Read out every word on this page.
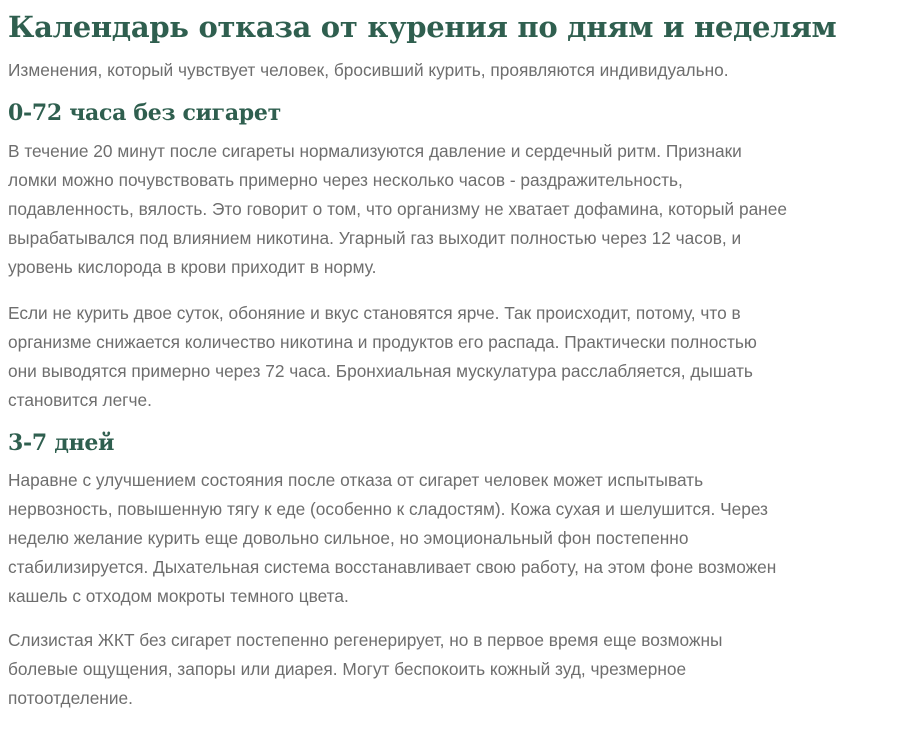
Календарь отказа от курения по дням и неделям
Изменения, который чувствует человек, бросивший курить, проявляются индивидуально.
0-72 часа без сигарет
В течение 20 минут после сигареты нормализуются давление и сердечный ритм. Признаки
ломки можно почувствовать примерно через несколько часов - раздражительность,
подавленность, вялость. Это говорит о том, что организму не хватает дофамина, который ранее
вырабатывался под влиянием никотина. Угарный газ выходит полностью через 12 часов, и
уровень кислорода в крови приходит в норму.
Если не курить двое суток, обоняние и вкус становятся ярче. Так происходит, потому, что в
организме снижается количество никотина и продуктов его распада. Практически полностью
они выводятся примерно через 72 часа. Бронхиальная мускулатура расслабляется, дышать
становится легче.
3-7 дней
Наравне с улучшением состояния после отказа от сигарет человек может испытывать
нервозность, повышенную тягу к еде (особенно к сладостям). Кожа сухая и шелушится. Через
неделю желание курить еще довольно сильное, но эмоциональный фон постепенно
стабилизируется. Дыхательная система восстанавливает свою работу, на этом фоне возможен
кашель с отходом мокроты темного цвета.
Слизистая ЖКТ без сигарет постепенно регенерирует, но в первое время еще возможны
болевые ощущения, запоры или диарея. Могут беспокоить кожный зуд, чрезмерное
потоотделение.
